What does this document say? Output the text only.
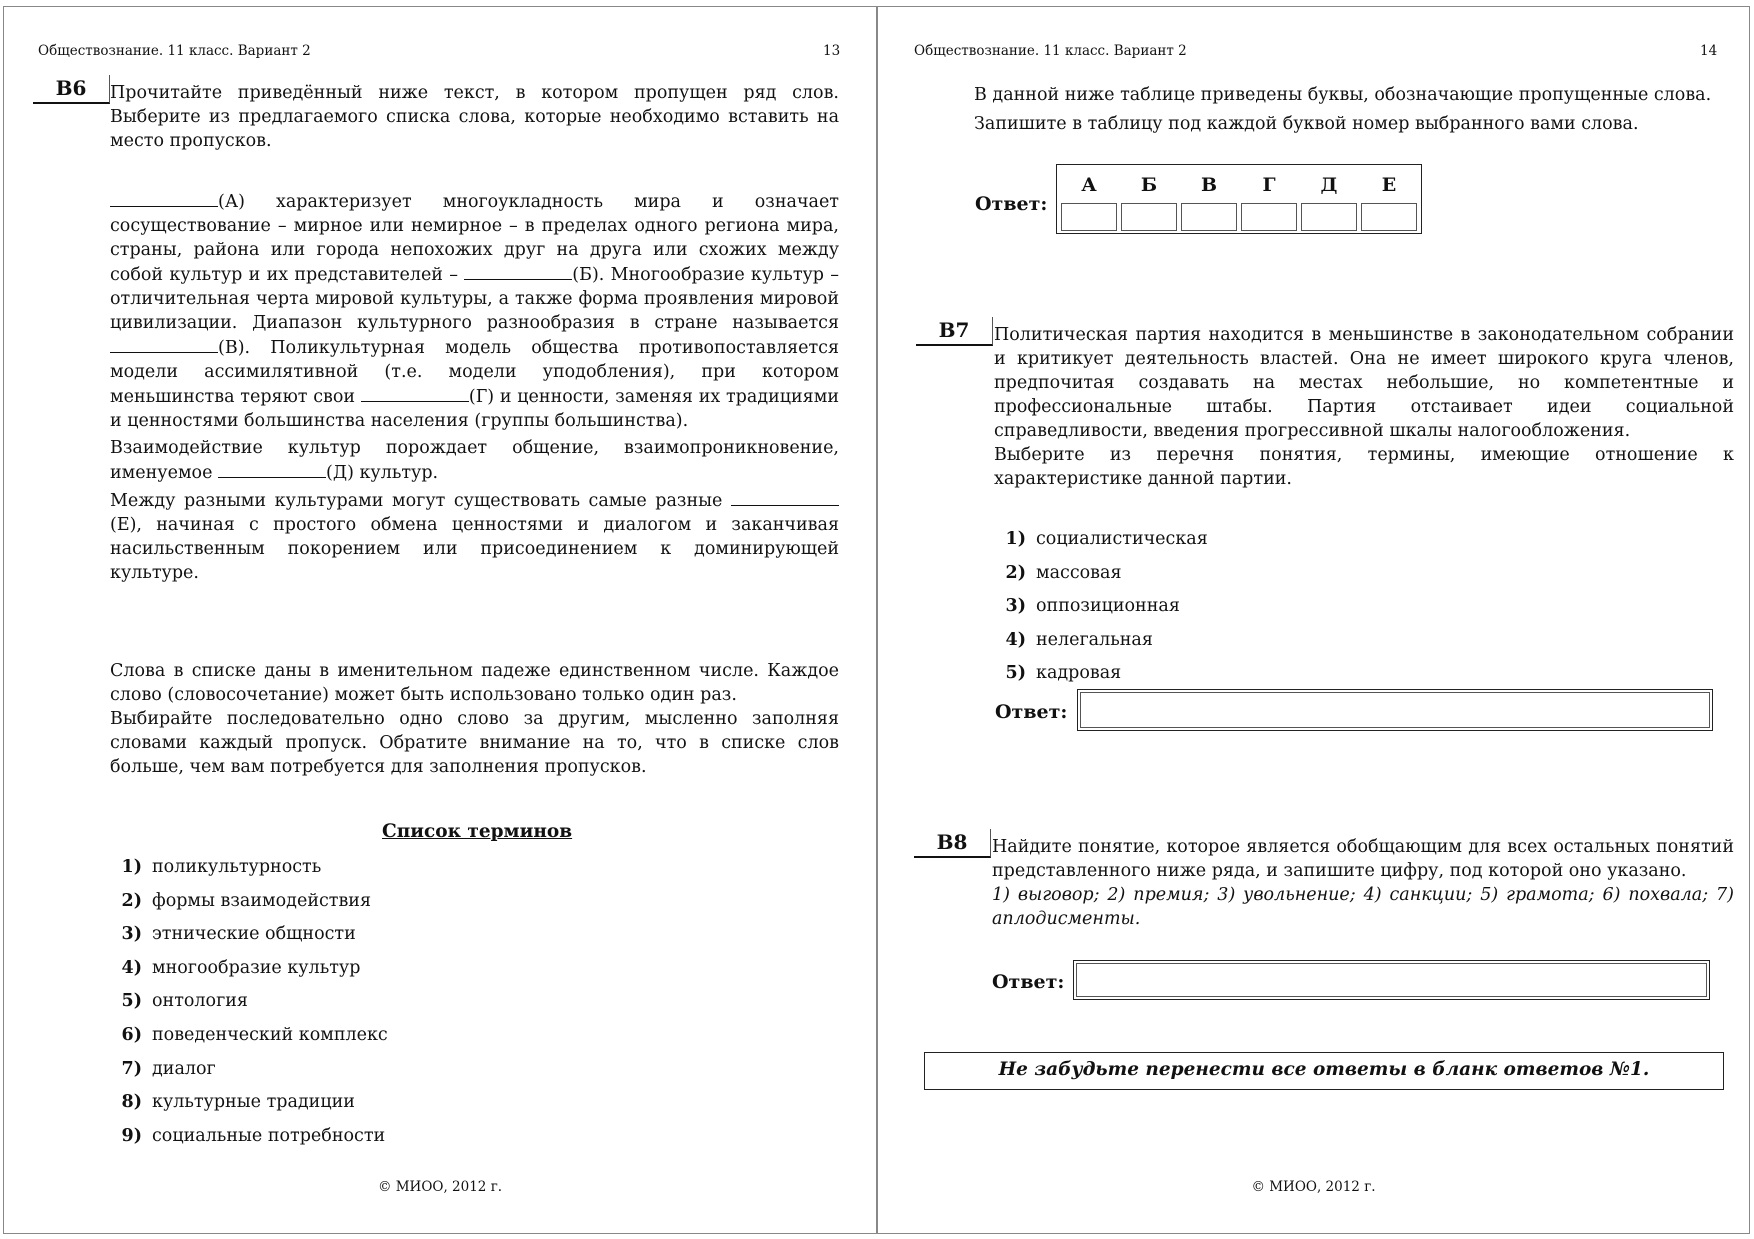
Обществознание. 11 класс. Вариант 2	13
В6	Прочитайте приведённый ниже текст, в котором пропущен ряд слов. Выберите из предлагаемого списка слова, которые необходимо вставить на место пропусков.

(А) характеризует многоукладность мира и означает сосуществование – мирное или немирное – в пределах одного региона мира, страны, района или города непохожих друг на друга или схожих между собой культур и их представителей –	(Б). Многообразие культур – отличительная черта мировой культуры, а также форма проявления мировой цивилизации. Диапазон культурного разнообразия в стране называется (В). Поликультурная модель общества противопоставляется модели ассимилятивной (т.е. модели уподобления), при котором меньшинства теряют свои	(Г) и ценности, заменяя их традициями и ценностями большинства населения (группы большинства).

Взаимодействие культур порождает общение, взаимопроникновение, именуемое	(Д) культур.

Между разными культурами могут существовать самые разные (Е), начиная с простого обмена ценностями и диалогом и заканчивая насильственным покорением или присоединением к доминирующей культуре.

Слова в списке даны в именительном падеже единственном числе. Каждое слово (словосочетание) может быть использовано только один раз.

Выбирайте последовательно одно слово за другим, мысленно заполняя словами каждый пропуск. Обратите внимание на то, что в списке слов больше, чем вам потребуется для заполнения пропусков.

Список терминов
1) поликультурность
2) формы взаимодействия
3) этнические общности
4) многообразие культур
5) онтология
6) поведенческий комплекс
7) диалог
8) культурные традиции
9) социальные потребности
© МИОО, 2012 г.
Обществознание. 11 класс. Вариант 2	14
В данной ниже таблице приведены буквы, обозначающие пропущенные слова. Запишите в таблицу под каждой буквой номер выбранного вами слова.
Ответ:
А	Б	В	Г	Д	Е
В7	Политическая партия находится в меньшинстве в законодательном собрании и критикует деятельность властей. Она не имеет широкого круга членов, предпочитая создавать на местах небольшие, но компетентные и профессиональные штабы. Партия отстаивает идеи социальной справедливости, введения прогрессивной шкалы налогообложения.

Выберите из перечня понятия, термины, имеющие отношение к характеристике данной партии.

1) социалистическая
2) массовая
3) оппозиционная
4) нелегальная
5) кадровая
Ответ:
В8	Найдите понятие, которое является обобщающим для всех остальных понятий представленного ниже ряда, и запишите цифру, под которой оно указано.

1) выговор; 2) премия; 3) увольнение; 4) санкции; 5) грамота; 6) похвала; 7) аплодисменты.

Ответ:
Не забудьте перенести все ответы в бланк ответов №1.
© МИОО, 2012 г.
